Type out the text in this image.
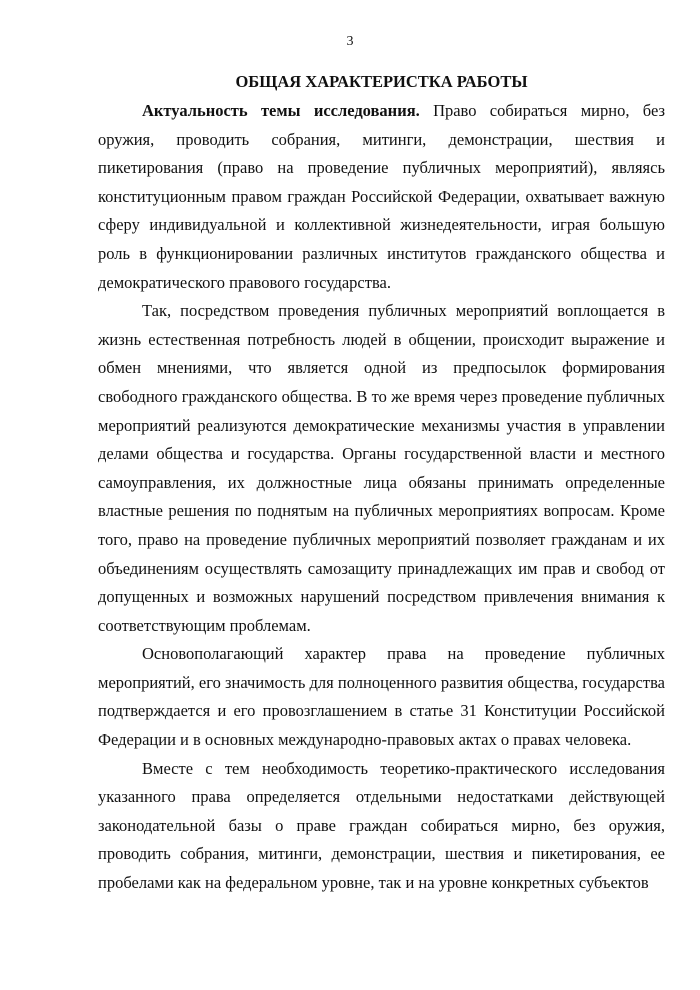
3
ОБЩАЯ ХАРАКТЕРИСТКА РАБОТЫ

Актуальность темы исследования. Право собираться мирно, без оружия, проводить собрания, митинги, демонстрации, шествия и пикетирования (право на проведение публичных мероприятий), являясь конституционным правом граждан Российской Федерации, охватывает важную сферу индивидуальной и коллективной жизнедеятельности, играя большую роль в функционировании различных институтов гражданского общества и демократического правового государства.

Так, посредством проведения публичных мероприятий воплощается в жизнь естественная потребность людей в общении, происходит выражение и обмен мнениями, что является одной из предпосылок формирования свободного гражданского общества. В то же время через проведение публичных мероприятий реализуются демократические механизмы участия в управлении делами общества и государства. Органы государственной власти и местного самоуправления, их должностные лица обязаны принимать определенные властные решения по поднятым на публичных мероприятиях вопросам. Кроме того, право на проведение публичных мероприятий позволяет гражданам и их объединениям осуществлять самозащиту принадлежащих им прав и свобод от допущенных и возможных нарушений посредством привлечения внимания к соответствующим проблемам.

Основополагающий характер права на проведение публичных мероприятий, его значимость для полноценного развития общества, государства подтверждается и его провозглашением в статье 31 Конституции Российской Федерации и в основных международно-правовых актах о правах человека.

Вместе с тем необходимость теоретико-практического исследования указанного права определяется отдельными недостатками действующей законодательной базы о праве граждан собираться мирно, без оружия, проводить собрания, митинги, демонстрации, шествия и пикетирования, ее пробелами как на федеральном уровне, так и на уровне конкретных субъектов
